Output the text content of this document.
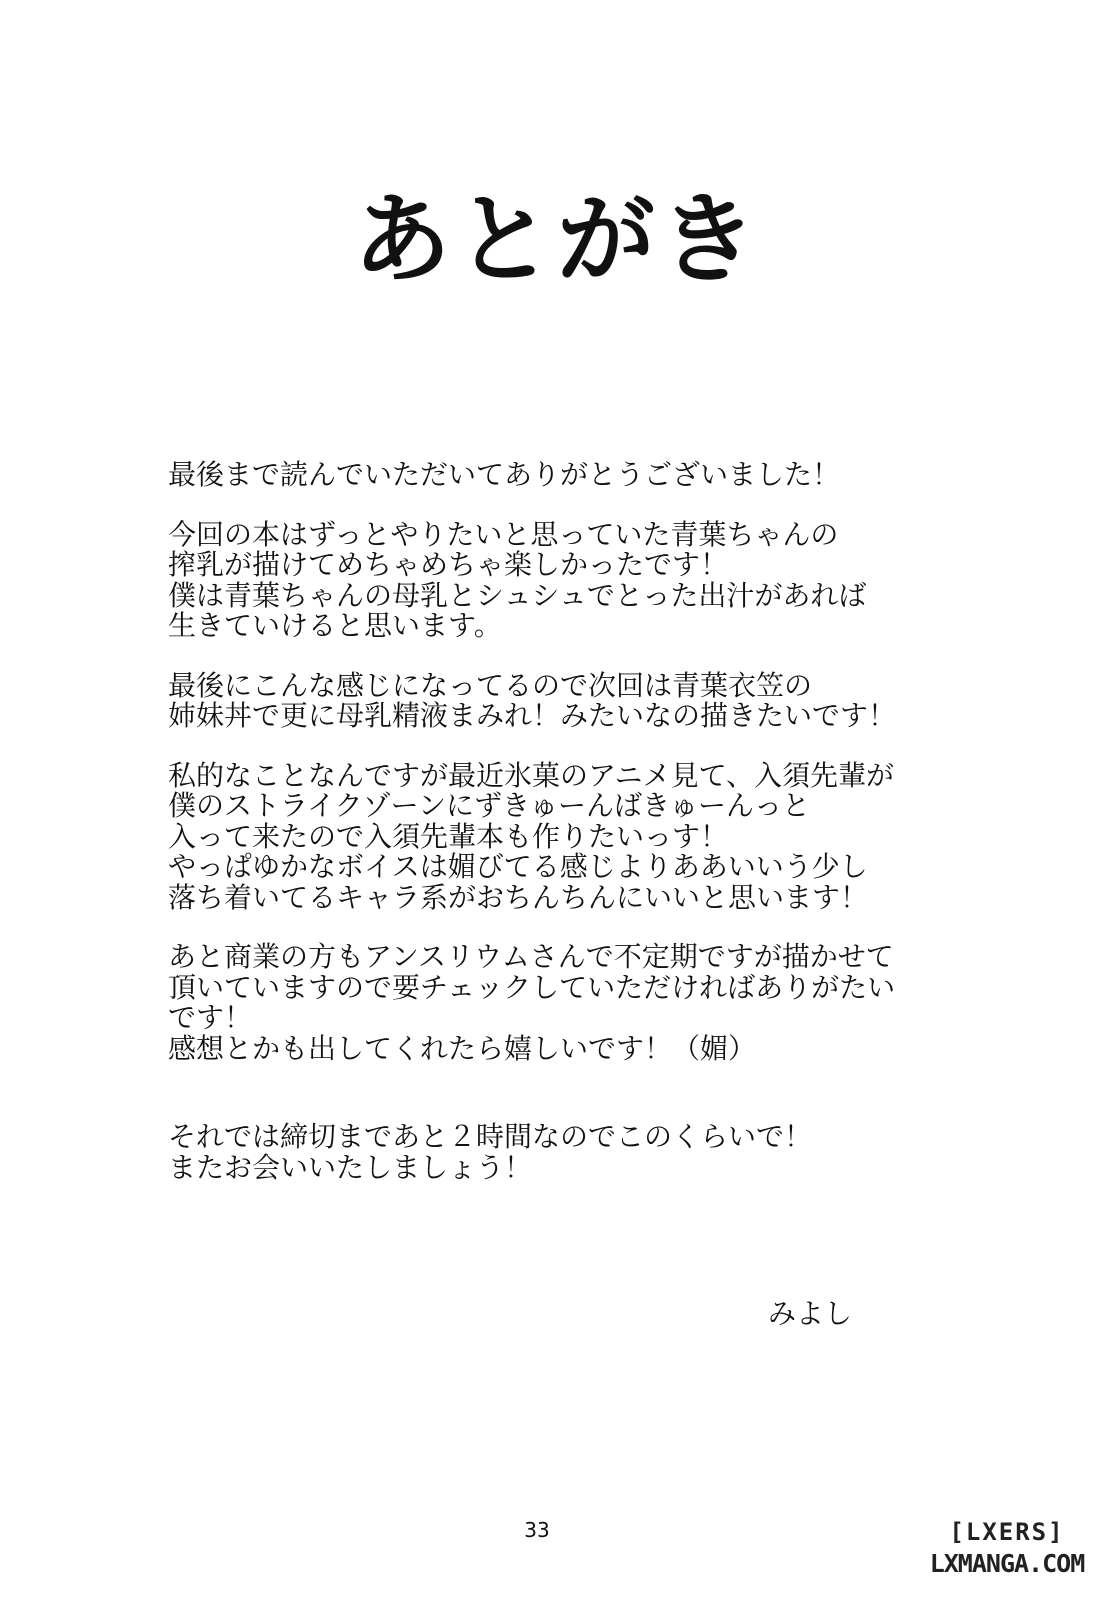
あとがき

最後まで読んでいただいてありがとうございました！

今回の本はずっとやりたいと思っていた青葉ちゃんの
搾乳が描けてめちゃめちゃ楽しかったです！
僕は青葉ちゃんの母乳とシュシュでとった出汁があれば
生きていけると思います。

最後にこんな感じになってるので次回は青葉衣笠の
姉妹丼で更に母乳精液まみれ！みたいなの描きたいです！

私的なことなんですが最近氷菓のアニメ見て、入須先輩が
僕のストライクゾーンにずきゅーんばきゅーんっと
入って来たので入須先輩本も作りたいっす！
やっぱゆかなボイスは媚びてる感じよりああいいう少し
落ち着いてるキャラ系がおちんちんにいいと思います！

あと商業の方もアンスリウムさんで不定期ですが描かせて
頂いていますので要チェックしていただければありがたい
です！
感想とかも出してくれたら嬉しいです！（媚）

それでは締切まであと２時間なのでこのくらいで！
またお会いいたしましょう！

みよし
33	[LXERS]
LXMANGA.COM
